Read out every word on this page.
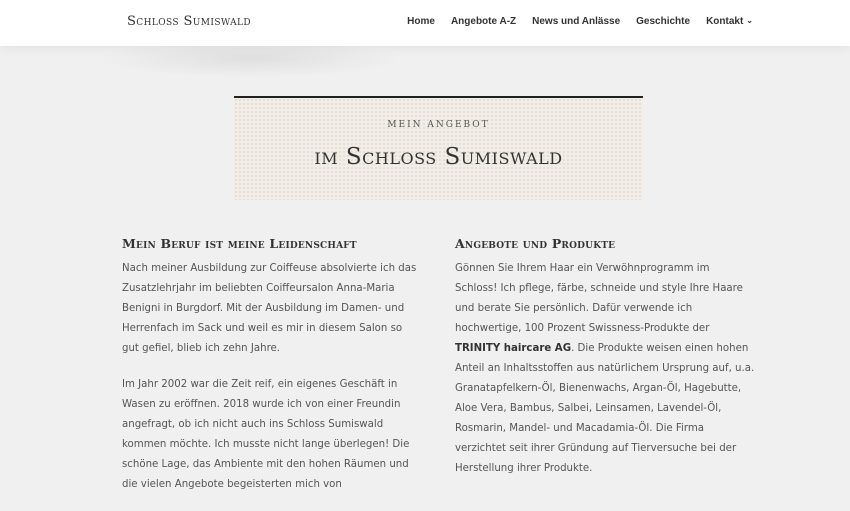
Schloss Sumiswald	Home Angebote A-Z News und Anlässe Geschichte Kontakt ⌄
MEIN ANGEBOT
im Schloss Sumiswald
Mein Beruf ist meine Leidenschaft

Nach meiner Ausbildung zur Coiffeuse absolvierte ich das Zusatzlehrjahr im beliebten Coiffeursalon Anna-Maria Benigni in Burgdorf. Mit der Ausbildung im Damen- und Herrenfach im Sack und weil es mir in diesem Salon so gut gefiel, blieb ich zehn Jahre.

Im Jahr 2002 war die Zeit reif, ein eigenes Geschäft in Wasen zu eröffnen. 2018 wurde ich von einer Freundin angefragt, ob ich nicht auch ins Schloss Sumiswald kommen möchte. Ich musste nicht lange überlegen! Die schöne Lage, das Ambiente mit den hohen Räumen und die vielen Angebote begeisterten mich von

Angebote und Produkte

Gönnen Sie Ihrem Haar ein Verwöhnprogramm im Schloss! Ich pflege, färbe, schneide und style Ihre Haare und berate Sie persönlich. Dafür verwende ich hochwertige, 100 Prozent Swissness-Produkte der TRINITY haircare AG. Die Produkte weisen einen hohen Anteil an Inhaltsstoffen aus natürlichem Ursprung auf, u.a. Granatapfelkern-Öl, Bienenwachs, Argan-Öl, Hagebutte, Aloe Vera, Bambus, Salbei, Leinsamen, Lavendel-Öl, Rosmarin, Mandel- und Macadamia-Öl. Die Firma verzichtet seit ihrer Gründung auf Tierversuche bei der Herstellung ihrer Produkte.
